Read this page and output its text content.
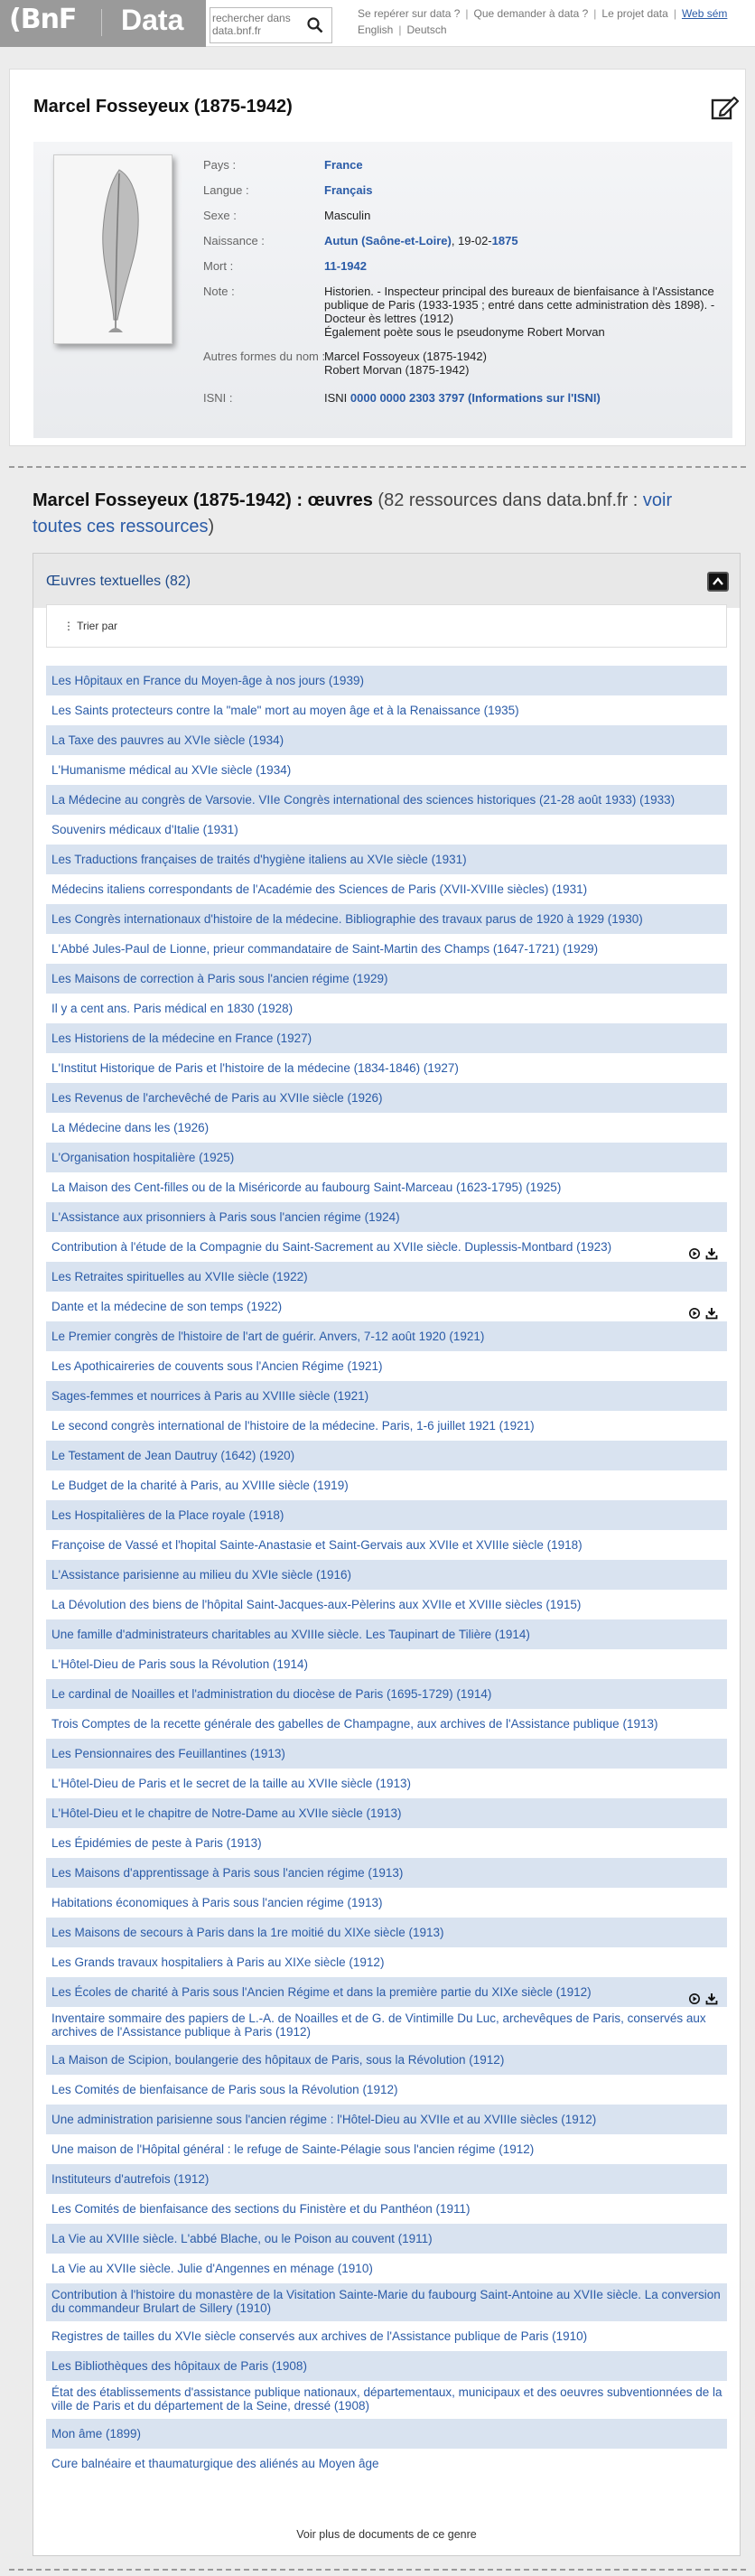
(BnF Data
rechercher dans data.bnf.fr	Se repérer sur data ? | Que demander à data ? | Le projet data | Web sém
English | Deutsch
Marcel Fosseyeux (1875-1942)
Pays :	France
Langue :	Français
Sexe :	Masculin
Naissance :	Autun (Saône-et-Loire), 19-02-1875
Mort :	11-1942
Note :	Historien. - Inspecteur principal des bureaux de bienfaisance à l'Assistance publique de Paris (1933-1935 ; entré dans cette administration dès 1898). - Docteur ès lettres (1912)
Également poète sous le pseudonyme Robert Morvan
Autres formes du nom :
Marcel Fossoyeux (1875-1942)
Robert Morvan (1875-1942)
ISNI :	ISNI 0000 0000 2303 3797 (Informations sur l'ISNI)
Marcel Fosseyeux (1875-1942) : œuvres (82 ressources dans data.bnf.fr : voir toutes ces ressources)
Œuvres textuelles (82)
⋮ Trier par
Les Hôpitaux en France du Moyen-âge à nos jours (1939)
Les Saints protecteurs contre la "male" mort au moyen âge et à la Renaissance (1935)
La Taxe des pauvres au XVIe siècle (1934)
L'Humanisme médical au XVIe siècle (1934)
La Médecine au congrès de Varsovie. VIIe Congrès international des sciences historiques (21-28 août 1933) (1933)
Souvenirs médicaux d'Italie (1931)
Les Traductions françaises de traités d'hygiène italiens au XVIe siècle (1931)
Médecins italiens correspondants de l'Académie des Sciences de Paris (XVII-XVIIIe siècles) (1931)
Les Congrès internationaux d'histoire de la médecine. Bibliographie des travaux parus de 1920 à 1929 (1930)
L'Abbé Jules-Paul de Lionne, prieur commandataire de Saint-Martin des Champs (1647-1721) (1929)
Les Maisons de correction à Paris sous l'ancien régime (1929)
Il y a cent ans. Paris médical en 1830 (1928)
Les Historiens de la médecine en France (1927)
L'Institut Historique de Paris et l'histoire de la médecine (1834-1846) (1927)
Les Revenus de l'archevêché de Paris au XVIIe siècle (1926)
La Médecine dans les (1926)
L'Organisation hospitalière (1925)
La Maison des Cent-filles ou de la Miséricorde au faubourg Saint-Marceau (1623-1795) (1925)
L'Assistance aux prisonniers à Paris sous l'ancien régime (1924)
Contribution à l'étude de la Compagnie du Saint-Sacrement au XVIIe siècle. Duplessis-Montbard (1923)
Les Retraites spirituelles au XVIIe siècle (1922)
Dante et la médecine de son temps (1922)
Le Premier congrès de l'histoire de l'art de guérir. Anvers, 7-12 août 1920 (1921)
Les Apothicaireries de couvents sous l'Ancien Régime (1921)
Sages-femmes et nourrices à Paris au XVIIIe siècle (1921)
Le second congrès international de l'histoire de la médecine. Paris, 1-6 juillet 1921 (1921)
Le Testament de Jean Dautruy (1642) (1920)
Le Budget de la charité à Paris, au XVIIIe siècle (1919)
Les Hospitalières de la Place royale (1918)
Françoise de Vassé et l'hopital Sainte-Anastasie et Saint-Gervais aux XVIIe et XVIIIe siècle (1918)
L'Assistance parisienne au milieu du XVIe siècle (1916)
La Dévolution des biens de l'hôpital Saint-Jacques-aux-Pèlerins aux XVIIe et XVIIIe siècles (1915)
Une famille d'administrateurs charitables au XVIIIe siècle. Les Taupinart de Tilière (1914)
L'Hôtel-Dieu de Paris sous la Révolution (1914)
Le cardinal de Noailles et l'administration du diocèse de Paris (1695-1729) (1914)
Trois Comptes de la recette générale des gabelles de Champagne, aux archives de l'Assistance publique (1913)
Les Pensionnaires des Feuillantines (1913)
L'Hôtel-Dieu de Paris et le secret de la taille au XVIIe siècle (1913)
L'Hôtel-Dieu et le chapitre de Notre-Dame au XVIIe siècle (1913)
Les Épidémies de peste à Paris (1913)
Les Maisons d'apprentissage à Paris sous l'ancien régime (1913)
Habitations économiques à Paris sous l'ancien régime (1913)
Les Maisons de secours à Paris dans la 1re moitié du XIXe siècle (1913)
Les Grands travaux hospitaliers à Paris au XIXe siècle (1912)
Les Écoles de charité à Paris sous l'Ancien Régime et dans la première partie du XIXe siècle (1912)
Inventaire sommaire des papiers de L.-A. de Noailles et de G. de Vintimille Du Luc, archevêques de Paris, conservés aux archives de l'Assistance publique à Paris (1912)
La Maison de Scipion, boulangerie des hôpitaux de Paris, sous la Révolution (1912)
Les Comités de bienfaisance de Paris sous la Révolution (1912)
Une administration parisienne sous l'ancien régime : l'Hôtel-Dieu au XVIIe et au XVIIIe siècles (1912)
Une maison de l'Hôpital général : le refuge de Sainte-Pélagie sous l'ancien régime (1912)
Instituteurs d'autrefois (1912)
Les Comités de bienfaisance des sections du Finistère et du Panthéon (1911)
La Vie au XVIIIe siècle. L'abbé Blache, ou le Poison au couvent (1911)
La Vie au XVIIe siècle. Julie d'Angennes en ménage (1910)
Contribution à l'histoire du monastère de la Visitation Sainte-Marie du faubourg Saint-Antoine au XVIIe siècle. La conversion du commandeur Brulart de Sillery (1910)
Registres de tailles du XVIe siècle conservés aux archives de l'Assistance publique de Paris (1910)
Les Bibliothèques des hôpitaux de Paris (1908)
État des établissements d'assistance publique nationaux, départementaux, municipaux et des oeuvres subventionnées de la ville de Paris et du département de la Seine, dressé (1908)
Mon âme (1899)
Cure balnéaire et thaumaturgique des aliénés au Moyen âge
Voir plus de documents de ce genre
